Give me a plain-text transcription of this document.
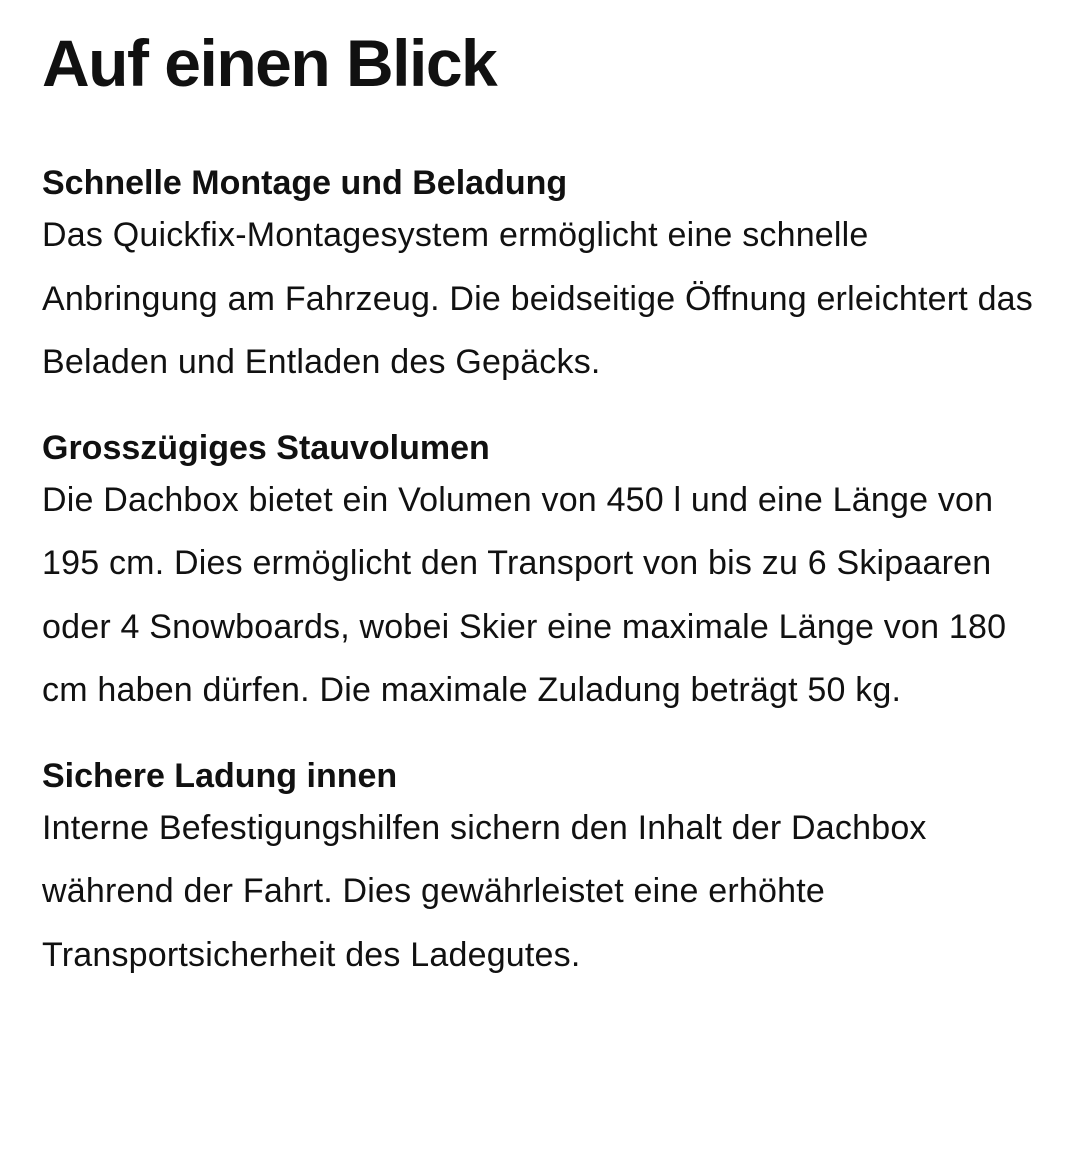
Auf einen Blick
Schnelle Montage und Beladung

Das Quickfix-Montagesystem ermöglicht eine schnelle Anbringung am Fahrzeug. Die beidseitige Öffnung erleichtert das Beladen und Entladen des Gepäcks.

Grosszügiges Stauvolumen

Die Dachbox bietet ein Volumen von 450 l und eine Länge von 195 cm. Dies ermöglicht den Transport von bis zu 6 Skipaaren oder 4 Snowboards, wobei Skier eine maximale Länge von 180 cm haben dürfen. Die maximale Zuladung beträgt 50 kg.

Sichere Ladung innen

Interne Befestigungshilfen sichern den Inhalt der Dachbox während der Fahrt. Dies gewährleistet eine erhöhte Transportsicherheit des Ladegutes.
